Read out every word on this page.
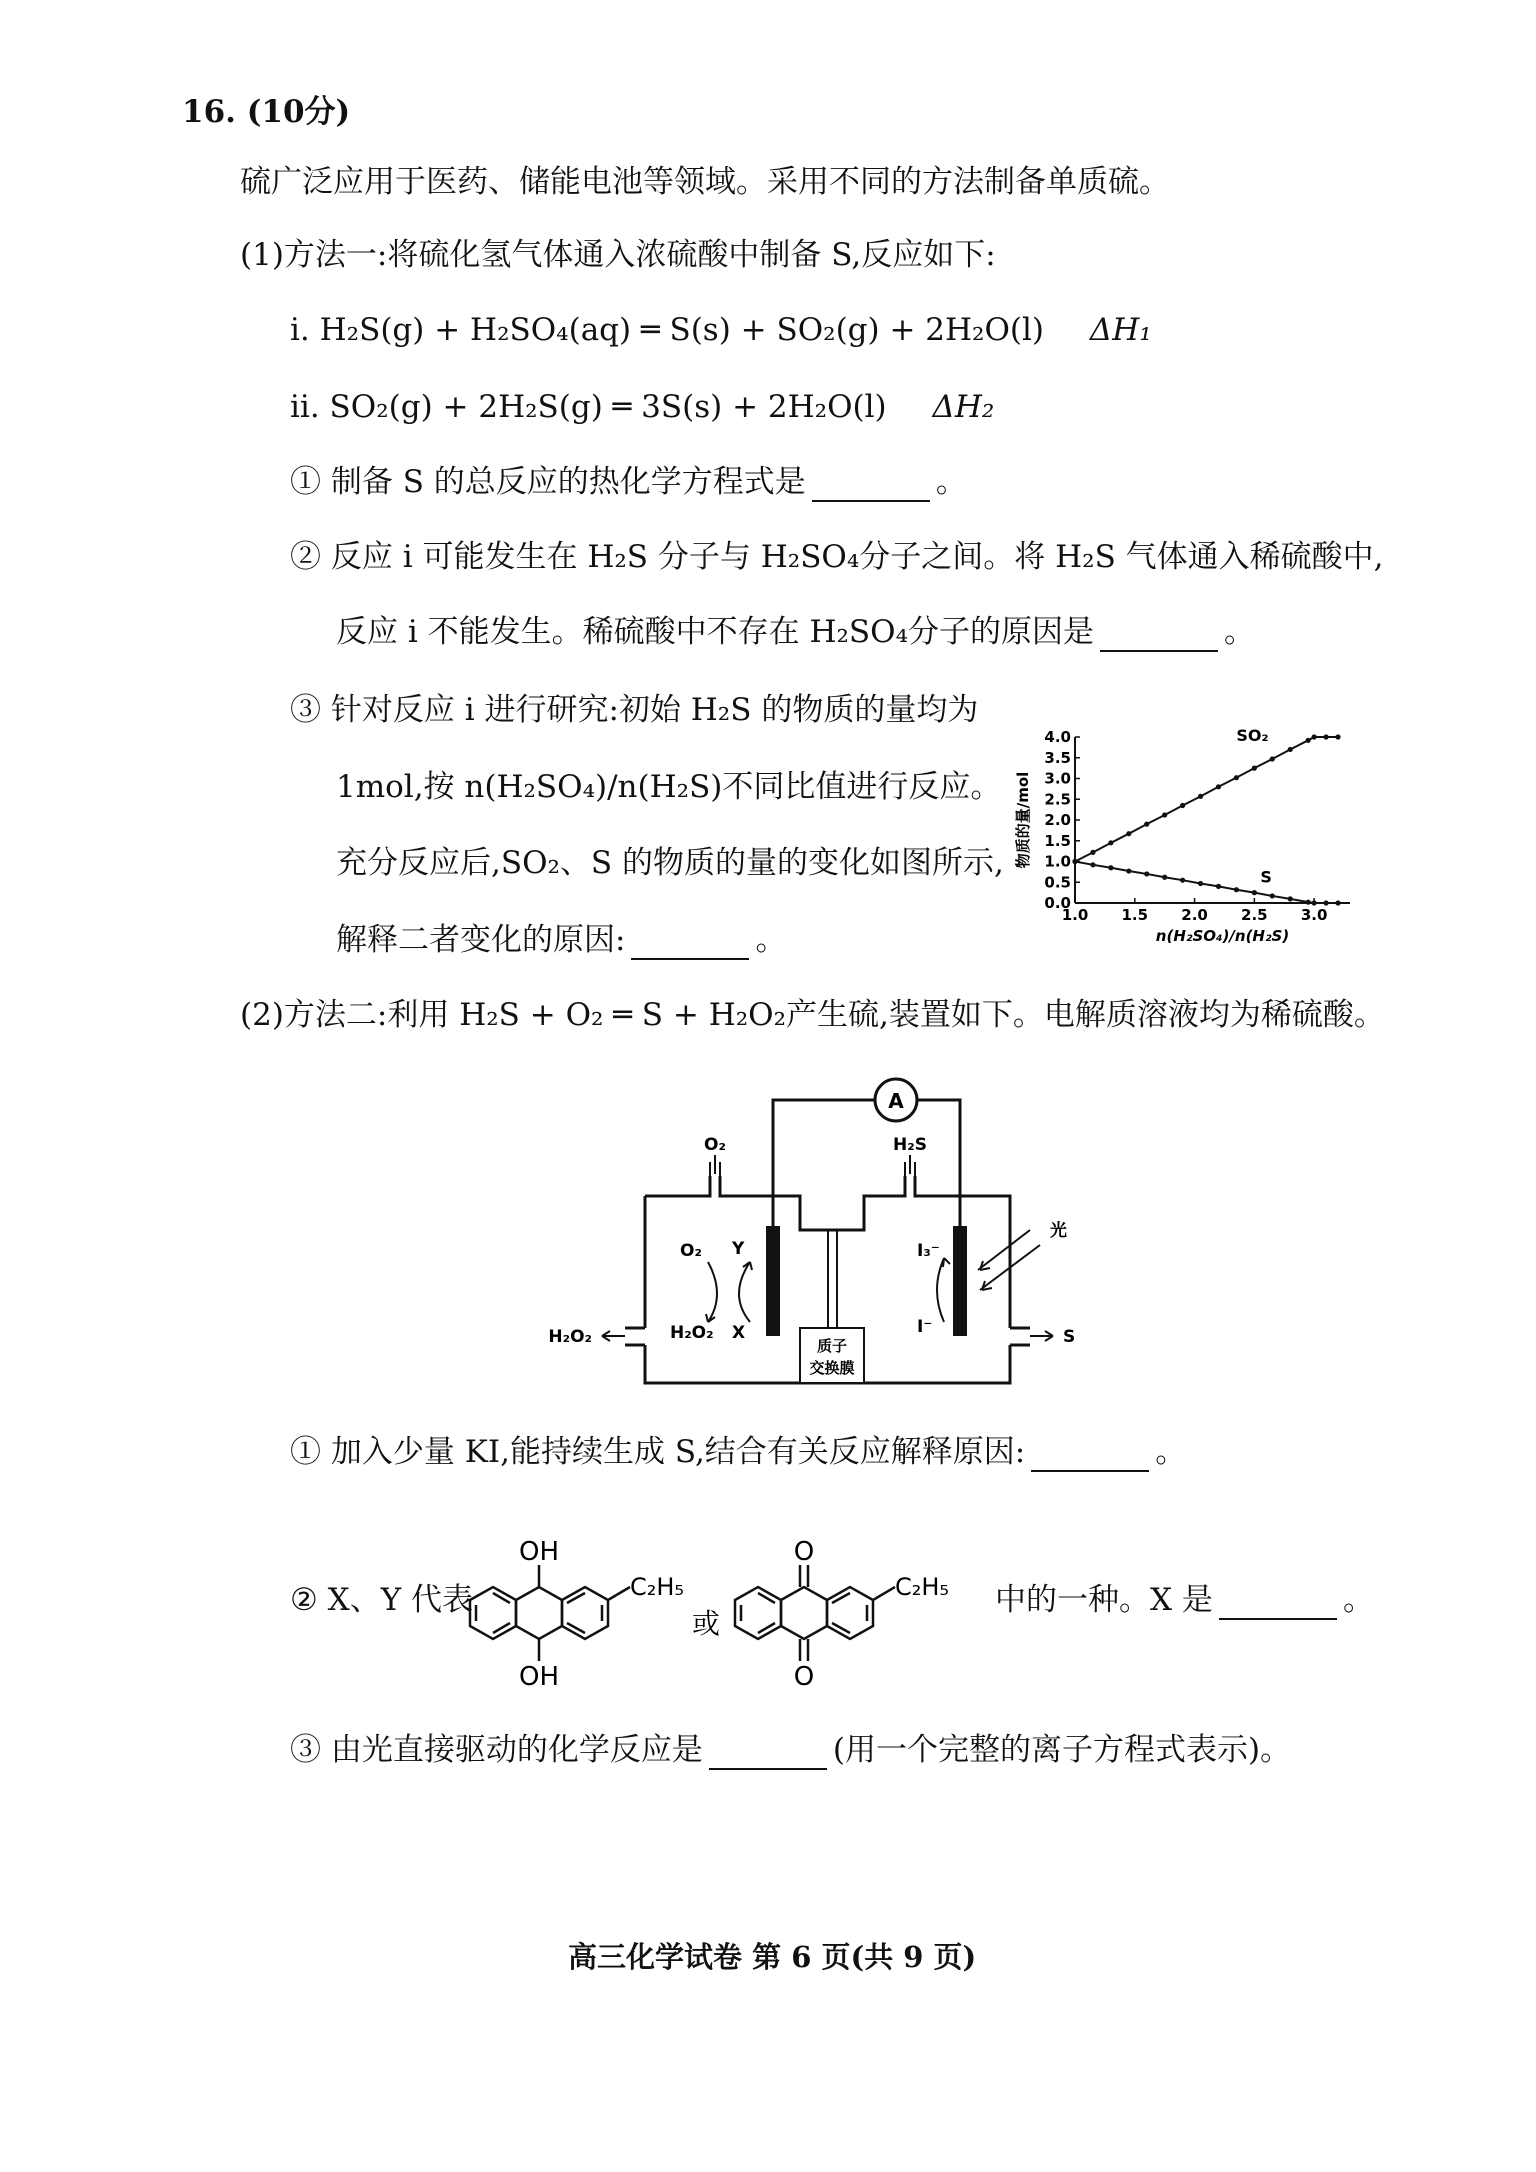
16. (10分)
硫广泛应用于医药、储能电池等领域。采用不同的方法制备单质硫。
(1)方法一:将硫化氢气体通入浓硫酸中制备 S,反应如下:
ⅰ. H₂S(g) + H₂SO₄(aq) ═ S(s) + SO₂(g) + 2H₂O(l) ΔH₁
ⅱ. SO₂(g) + 2H₂S(g) ═ 3S(s) + 2H₂O(l) ΔH₂
① 制备 S 的总反应的热化学方程式是	。
② 反应 ⅰ 可能发生在 H₂S 分子与 H₂SO₄分子之间。将 H₂S 气体通入稀硫酸中,
反应 ⅰ 不能发生。稀硫酸中不存在 H₂SO₄分子的原因是	。
③ 针对反应 ⅰ 进行研究:初始 H₂S 的物质的量均为
1mol,按 n(H₂SO₄)/n(H₂S)不同比值进行反应。
充分反应后,SO₂、S 的物质的量的变化如图所示,
解释二者变化的原因:	。
0.0
0.5
1.0
1.5
2.0
2.5
3.0
3.5
4.0
1.0 1.5 2.0 2.5 3.0
n(H₂SO₄)/n(H₂S)
物质的量/mol
SO₂
S
(2)方法二:利用 H₂S + O₂ ═ S + H₂O₂产生硫,装置如下。电解质溶液均为稀硫酸。
A
O₂	H₂S
质子
交换膜
O₂ Y
H₂O₂ X
I₃⁻
I⁻
光
H₂O₂	S
① 加入少量 KI,能持续生成 S,结合有关反应解释原因:	。
② X、Y 代表
OH
OH
C₂H₅
或
O
O
C₂H₅ 中的一种。X 是	。
③ 由光直接驱动的化学反应是	(用一个完整的离子方程式表示)。
高三化学试卷 第 6 页(共 9 页)
